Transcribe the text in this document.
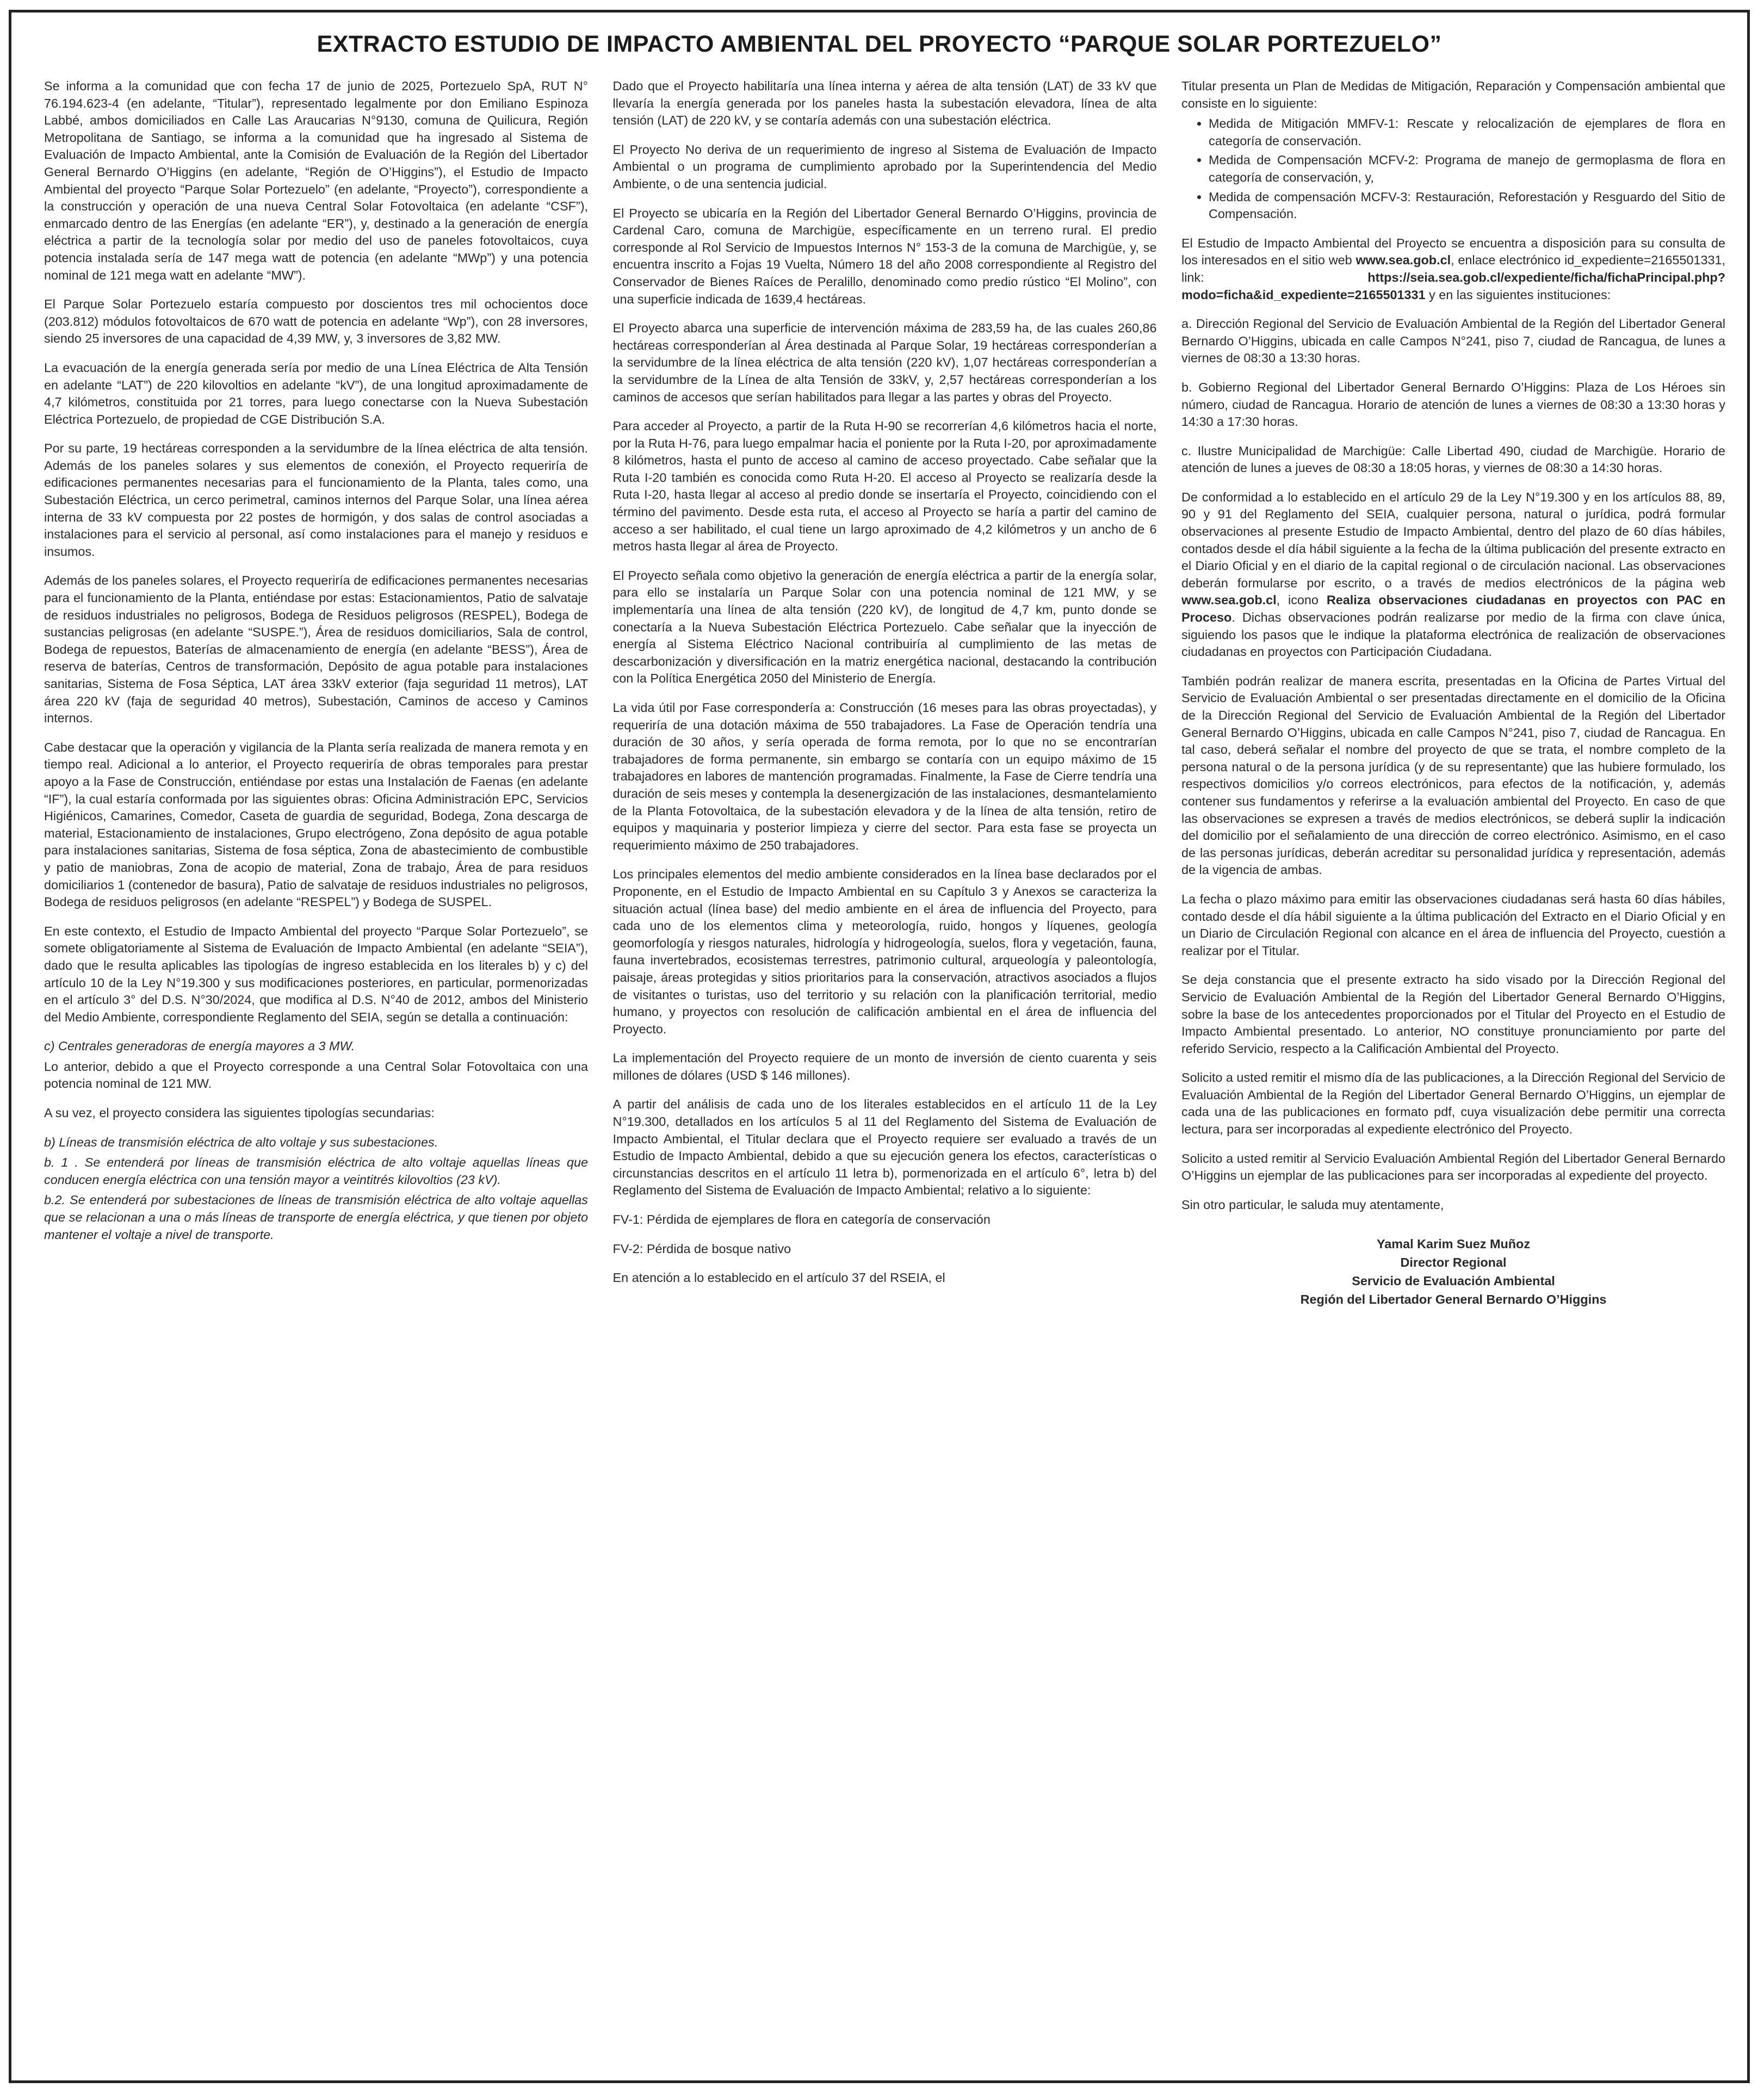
EXTRACTO ESTUDIO DE IMPACTO AMBIENTAL DEL PROYECTO “PARQUE SOLAR PORTEZUELO”

Se informa a la comunidad que con fecha 17 de junio de 2025, Portezuelo SpA, RUT N° 76.194.623-4 (en adelante, “Titular”), representado legalmente por don Emiliano Espinoza Labbé, ambos domiciliados en Calle Las Araucarias N°9130, comuna de Quilicura, Región Metropolitana de Santiago, se informa a la comunidad que ha ingresado al Sistema de Evaluación de Impacto Ambiental, ante la Comisión de Evaluación de la Región del Libertador General Bernardo O’Higgins (en adelante, “Región de O’Higgins”), el Estudio de Impacto Ambiental del proyecto “Parque Solar Portezuelo” (en adelante, “Proyecto”), correspondiente a la construcción y operación de una nueva Central Solar Fotovoltaica (en adelante “CSF”), enmarcado dentro de las Energías (en adelante “ER”), y, destinado a la generación de energía eléctrica a partir de la tecnología solar por medio del uso de paneles fotovoltaicos, cuya potencia instalada sería de 147 mega watt de potencia (en adelante “MWp”) y una potencia nominal de 121 mega watt en adelante “MW”).

El Parque Solar Portezuelo estaría compuesto por doscientos tres mil ochocientos doce (203.812) módulos fotovoltaicos de 670 watt de potencia en adelante “Wp”), con 28 inversores, siendo 25 inversores de una capacidad de 4,39 MW, y, 3 inversores de 3,82 MW.

La evacuación de la energía generada sería por medio de una Línea Eléctrica de Alta Tensión en adelante “LAT”) de 220 kilovoltios en adelante “kV”), de una longitud aproximadamente de 4,7 kilómetros, constituida por 21 torres, para luego conectarse con la Nueva Subestación Eléctrica Portezuelo, de propiedad de CGE Distribución S.A.

Por su parte, 19 hectáreas corresponden a la servidumbre de la línea eléctrica de alta tensión. Además de los paneles solares y sus elementos de conexión, el Proyecto requeriría de edificaciones permanentes necesarias para el funcionamiento de la Planta, tales como, una Subestación Eléctrica, un cerco perimetral, caminos internos del Parque Solar, una línea aérea interna de 33 kV compuesta por 22 postes de hormigón, y dos salas de control asociadas a instalaciones para el servicio al personal, así como instalaciones para el manejo y residuos e insumos.

Además de los paneles solares, el Proyecto requeriría de edificaciones permanentes necesarias para el funcionamiento de la Planta, entiéndase por estas: Estacionamientos, Patio de salvataje de residuos industriales no peligrosos, Bodega de Residuos peligrosos (RESPEL), Bodega de sustancias peligrosas (en adelante “SUSPE.”), Área de residuos domiciliarios, Sala de control, Bodega de repuestos, Baterías de almacenamiento de energía (en adelante “BESS”), Área de reserva de baterías, Centros de transformación, Depósito de agua potable para instalaciones sanitarias, Sistema de Fosa Séptica, LAT área 33kV exterior (faja seguridad 11 metros), LAT área 220 kV (faja de seguridad 40 metros), Subestación, Caminos de acceso y Caminos internos.

Cabe destacar que la operación y vigilancia de la Planta sería realizada de manera remota y en tiempo real. Adicional a lo anterior, el Proyecto requeriría de obras temporales para prestar apoyo a la Fase de Construcción, entiéndase por estas una Instalación de Faenas (en adelante “IF”), la cual estaría conformada por las siguientes obras: Oficina Administración EPC, Servicios Higiénicos, Camarines, Comedor, Caseta de guardia de seguridad, Bodega, Zona descarga de material, Estacionamiento de instalaciones, Grupo electrógeno, Zona depósito de agua potable para instalaciones sanitarias, Sistema de fosa séptica, Zona de abastecimiento de combustible y patio de maniobras, Zona de acopio de material, Zona de trabajo, Área de para residuos domiciliarios 1 (contenedor de basura), Patio de salvataje de residuos industriales no peligrosos, Bodega de residuos peligrosos (en adelante “RESPEL”) y Bodega de SUSPEL.

En este contexto, el Estudio de Impacto Ambiental del proyecto “Parque Solar Portezuelo”, se somete obligatoriamente al Sistema de Evaluación de Impacto Ambiental (en adelante “SEIA”), dado que le resulta aplicables las tipologías de ingreso establecida en los literales b) y c) del artículo 10 de la Ley N°19.300 y sus modificaciones posteriores, en particular, pormenorizadas en el artículo 3° del D.S. N°30/2024, que modifica al D.S. N°40 de 2012, ambos del Ministerio del Medio Ambiente, correspondiente Reglamento del SEIA, según se detalla a continuación:

c) Centrales generadoras de energía mayores a 3 MW.

Lo anterior, debido a que el Proyecto corresponde a una Central Solar Fotovoltaica con una potencia nominal de 121 MW.

A su vez, el proyecto considera las siguientes tipologías secundarias:

b) Líneas de transmisión eléctrica de alto voltaje y sus subestaciones.

b. 1 . Se entenderá por líneas de transmisión eléctrica de alto voltaje aquellas líneas que conducen energía eléctrica con una tensión mayor a veintitrés kilovoltios (23 kV).

b.2. Se entenderá por subestaciones de líneas de transmisión eléctrica de alto voltaje aquellas que se relacionan a una o más líneas de transporte de energía eléctrica, y que tienen por objeto mantener el voltaje a nivel de transporte.

Dado que el Proyecto habilitaría una línea interna y aérea de alta tensión (LAT) de 33 kV que llevaría la energía generada por los paneles hasta la subestación elevadora, línea de alta tensión (LAT) de 220 kV, y se contaría además con una subestación eléctrica.

El Proyecto No deriva de un requerimiento de ingreso al Sistema de Evaluación de Impacto Ambiental o un programa de cumplimiento aprobado por la Superintendencia del Medio Ambiente, o de una sentencia judicial.

El Proyecto se ubicaría en la Región del Libertador General Bernardo O’Higgins, provincia de Cardenal Caro, comuna de Marchigüe, específicamente en un terreno rural. El predio corresponde al Rol Servicio de Impuestos Internos N° 153-3 de la comuna de Marchigüe, y, se encuentra inscrito a Fojas 19 Vuelta, Número 18 del año 2008 correspondiente al Registro del Conservador de Bienes Raíces de Peralillo, denominado como predio rústico “El Molino”, con una superficie indicada de 1639,4 hectáreas.

El Proyecto abarca una superficie de intervención máxima de 283,59 ha, de las cuales 260,86 hectáreas corresponderían al Área destinada al Parque Solar, 19 hectáreas corresponderían a la servidumbre de la línea eléctrica de alta tensión (220 kV), 1,07 hectáreas corresponderían a la servidumbre de la Línea de alta Tensión de 33kV, y, 2,57 hectáreas corresponderían a los caminos de accesos que serían habilitados para llegar a las partes y obras del Proyecto.

Para acceder al Proyecto, a partir de la Ruta H-90 se recorrerían 4,6 kilómetros hacia el norte, por la Ruta H-76, para luego empalmar hacia el poniente por la Ruta I-20, por aproximadamente 8 kilómetros, hasta el punto de acceso al camino de acceso proyectado. Cabe señalar que la Ruta I-20 también es conocida como Ruta H-20. El acceso al Proyecto se realizaría desde la Ruta I-20, hasta llegar al acceso al predio donde se insertaría el Proyecto, coincidiendo con el término del pavimento. Desde esta ruta, el acceso al Proyecto se haría a partir del camino de acceso a ser habilitado, el cual tiene un largo aproximado de 4,2 kilómetros y un ancho de 6 metros hasta llegar al área de Proyecto.

El Proyecto señala como objetivo la generación de energía eléctrica a partir de la energía solar, para ello se instalaría un Parque Solar con una potencia nominal de 121 MW, y se implementaría una línea de alta tensión (220 kV), de longitud de 4,7 km, punto donde se conectaría a la Nueva Subestación Eléctrica Portezuelo. Cabe señalar que la inyección de energía al Sistema Eléctrico Nacional contribuiría al cumplimiento de las metas de descarbonización y diversificación en la matriz energética nacional, destacando la contribución con la Política Energética 2050 del Ministerio de Energía.

La vida útil por Fase correspondería a: Construcción (16 meses para las obras proyectadas), y requeriría de una dotación máxima de 550 trabajadores. La Fase de Operación tendría una duración de 30 años, y sería operada de forma remota, por lo que no se encontrarían trabajadores de forma permanente, sin embargo se contaría con un equipo máximo de 15 trabajadores en labores de mantención programadas. Finalmente, la Fase de Cierre tendría una duración de seis meses y contempla la desenergización de las instalaciones, desmantelamiento de la Planta Fotovoltaica, de la subestación elevadora y de la línea de alta tensión, retiro de equipos y maquinaria y posterior limpieza y cierre del sector. Para esta fase se proyecta un requerimiento máximo de 250 trabajadores.

Los principales elementos del medio ambiente considerados en la línea base declarados por el Proponente, en el Estudio de Impacto Ambiental en su Capítulo 3 y Anexos se caracteriza la situación actual (línea base) del medio ambiente en el área de influencia del Proyecto, para cada uno de los elementos clima y meteorología, ruido, hongos y líquenes, geología geomorfología y riesgos naturales, hidrología y hidrogeología, suelos, flora y vegetación, fauna, fauna invertebrados, ecosistemas terrestres, patrimonio cultural, arqueología y paleontología, paisaje, áreas protegidas y sitios prioritarios para la conservación, atractivos asociados a flujos de visitantes o turistas, uso del territorio y su relación con la planificación territorial, medio humano, y proyectos con resolución de calificación ambiental en el área de influencia del Proyecto.

La implementación del Proyecto requiere de un monto de inversión de ciento cuarenta y seis millones de dólares (USD $ 146 millones).

A partir del análisis de cada uno de los literales establecidos en el artículo 11 de la Ley N°19.300, detallados en los artículos 5 al 11 del Reglamento del Sistema de Evaluación de Impacto Ambiental, el Titular declara que el Proyecto requiere ser evaluado a través de un Estudio de Impacto Ambiental, debido a que su ejecución genera los efectos, características o circunstancias descritos en el artículo 11 letra b), pormenorizada en el artículo 6°, letra b) del Reglamento del Sistema de Evaluación de Impacto Ambiental; relativo a lo siguiente:

FV-1: Pérdida de ejemplares de flora en categoría de conservación

FV-2: Pérdida de bosque nativo

En atención a lo establecido en el artículo 37 del RSEIA, el

Titular presenta un Plan de Medidas de Mitigación, Reparación y Compensación ambiental que consiste en lo siguiente:

• Medida de Mitigación MMFV-1: Rescate y relocalización de ejemplares de flora en categoría de conservación.
• Medida de Compensación MCFV-2: Programa de manejo de germoplasma de flora en categoría de conservación, y,
• Medida de compensación MCFV-3: Restauración, Reforestación y Resguardo del Sitio de Compensación.

El Estudio de Impacto Ambiental del Proyecto se encuentra a disposición para su consulta de los interesados en el sitio web www.sea.gob.cl, enlace electrónico id_expediente=2165501331, link: https://seia.sea.gob.cl/expediente/ficha/fichaPrincipal.php?modo=ficha&id_expediente=2165501331 y en las siguientes instituciones:

a. Dirección Regional del Servicio de Evaluación Ambiental de la Región del Libertador General Bernardo O’Higgins, ubicada en calle Campos N°241, piso 7, ciudad de Rancagua, de lunes a viernes de 08:30 a 13:30 horas.

b. Gobierno Regional del Libertador General Bernardo O’Higgins: Plaza de Los Héroes sin número, ciudad de Rancagua. Horario de atención de lunes a viernes de 08:30 a 13:30 horas y 14:30 a 17:30 horas.

c. Ilustre Municipalidad de Marchigüe: Calle Libertad 490, ciudad de Marchigüe. Horario de atención de lunes a jueves de 08:30 a 18:05 horas, y viernes de 08:30 a 14:30 horas.

De conformidad a lo establecido en el artículo 29 de la Ley N°19.300 y en los artículos 88, 89, 90 y 91 del Reglamento del SEIA, cualquier persona, natural o jurídica, podrá formular observaciones al presente Estudio de Impacto Ambiental, dentro del plazo de 60 días hábiles, contados desde el día hábil siguiente a la fecha de la última publicación del presente extracto en el Diario Oficial y en el diario de la capital regional o de circulación nacional. Las observaciones deberán formularse por escrito, o a través de medios electrónicos de la página web www.sea.gob.cl, icono Realiza observaciones ciudadanas en proyectos con PAC en Proceso. Dichas observaciones podrán realizarse por medio de la firma con clave única, siguiendo los pasos que le indique la plataforma electrónica de realización de observaciones ciudadanas en proyectos con Participación Ciudadana.

También podrán realizar de manera escrita, presentadas en la Oficina de Partes Virtual del Servicio de Evaluación Ambiental o ser presentadas directamente en el domicilio de la Oficina de la Dirección Regional del Servicio de Evaluación Ambiental de la Región del Libertador General Bernardo O’Higgins, ubicada en calle Campos N°241, piso 7, ciudad de Rancagua. En tal caso, deberá señalar el nombre del proyecto de que se trata, el nombre completo de la persona natural o de la persona jurídica (y de su representante) que las hubiere formulado, los respectivos domicilios y/o correos electrónicos, para efectos de la notificación, y, además contener sus fundamentos y referirse a la evaluación ambiental del Proyecto. En caso de que las observaciones se expresen a través de medios electrónicos, se deberá suplir la indicación del domicilio por el señalamiento de una dirección de correo electrónico. Asimismo, en el caso de las personas jurídicas, deberán acreditar su personalidad jurídica y representación, además de la vigencia de ambas.

La fecha o plazo máximo para emitir las observaciones ciudadanas será hasta 60 días hábiles, contado desde el día hábil siguiente a la última publicación del Extracto en el Diario Oficial y en un Diario de Circulación Regional con alcance en el área de influencia del Proyecto, cuestión a realizar por el Titular.

Se deja constancia que el presente extracto ha sido visado por la Dirección Regional del Servicio de Evaluación Ambiental de la Región del Libertador General Bernardo O’Higgins, sobre la base de los antecedentes proporcionados por el Titular del Proyecto en el Estudio de Impacto Ambiental presentado. Lo anterior, NO constituye pronunciamiento por parte del referido Servicio, respecto a la Calificación Ambiental del Proyecto.

Solicito a usted remitir el mismo día de las publicaciones, a la Dirección Regional del Servicio de Evaluación Ambiental de la Región del Libertador General Bernardo O’Higgins, un ejemplar de cada una de las publicaciones en formato pdf, cuya visualización debe permitir una correcta lectura, para ser incorporadas al expediente electrónico del Proyecto.

Solicito a usted remitir al Servicio Evaluación Ambiental Región del Libertador General Bernardo O’Higgins un ejemplar de las publicaciones para ser incorporadas al expediente del proyecto.

Sin otro particular, le saluda muy atentamente,

Yamal Karim Suez Muñoz
Director Regional
Servicio de Evaluación Ambiental
Región del Libertador General Bernardo O’Higgins
